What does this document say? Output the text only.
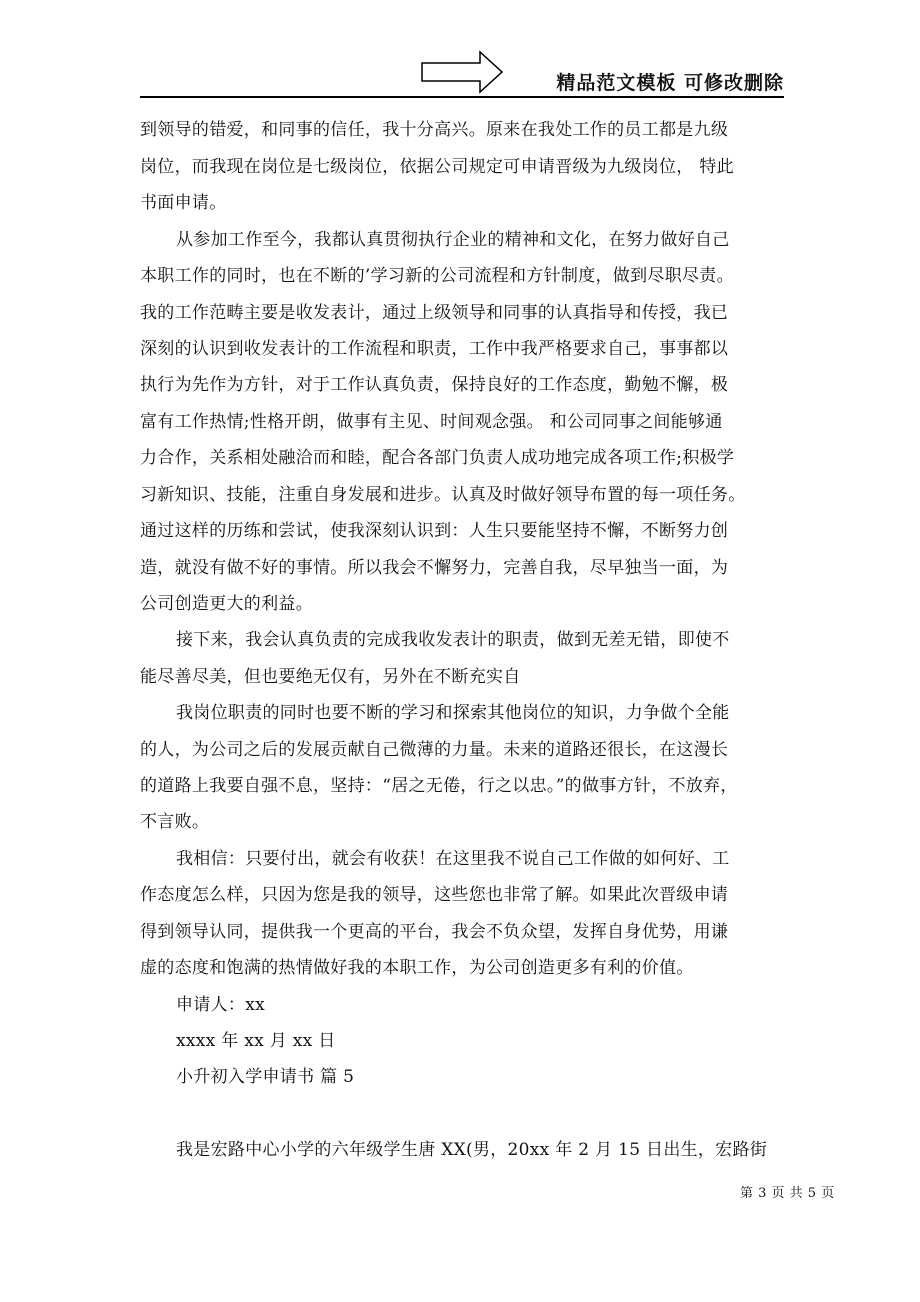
精品范文模板 可修改删除
到领导的错爱，和同事的信任，我十分高兴。原来在我处工作的员工都是九级
岗位，而我现在岗位是七级岗位，依据公司规定可申请晋级为九级岗位， 特此
书面申请。
从参加工作至今，我都认真贯彻执行企业的精神和文化，在努力做好自己
本职工作的同时，也在不断的’学习新的公司流程和方针制度，做到尽职尽责。
我的工作范畴主要是收发表计，通过上级领导和同事的认真指导和传授，我已
深刻的认识到收发表计的工作流程和职责，工作中我严格要求自己，事事都以
执行为先作为方针，对于工作认真负责，保持良好的工作态度，勤勉不懈，极
富有工作热情;性格开朗，做事有主见、时间观念强。 和公司同事之间能够通
力合作，关系相处融洽而和睦，配合各部门负责人成功地完成各项工作;积极学
习新知识、技能，注重自身发展和进步。认真及时做好领导布置的每一项任务。
通过这样的历练和尝试，使我深刻认识到：人生只要能坚持不懈，不断努力创
造，就没有做不好的事情。所以我会不懈努力，完善自我，尽早独当一面，为
公司创造更大的利益。
接下来，我会认真负责的完成我收发表计的职责，做到无差无错，即使不
能尽善尽美，但也要绝无仅有，另外在不断充实自
我岗位职责的同时也要不断的学习和探索其他岗位的知识，力争做个全能
的人，为公司之后的发展贡献自己微薄的力量。未来的道路还很长，在这漫长
的道路上我要自强不息，坚持：“居之无倦，行之以忠。”的做事方针，不放弃，
不言败。
我相信：只要付出，就会有收获！在这里我不说自己工作做的如何好、工
作态度怎么样，只因为您是我的领导，这些您也非常了解。如果此次晋级申请
得到领导认同，提供我一个更高的平台，我会不负众望，发挥自身优势，用谦
虚的态度和饱满的热情做好我的本职工作，为公司创造更多有利的价值。
申请人：xx
xxxx 年 xx 月 xx 日
小升初入学申请书 篇 5
我是宏路中心小学的六年级学生唐 XX(男，20xx 年 2 月 15 日出生，宏路街
第 3 页 共 5 页
